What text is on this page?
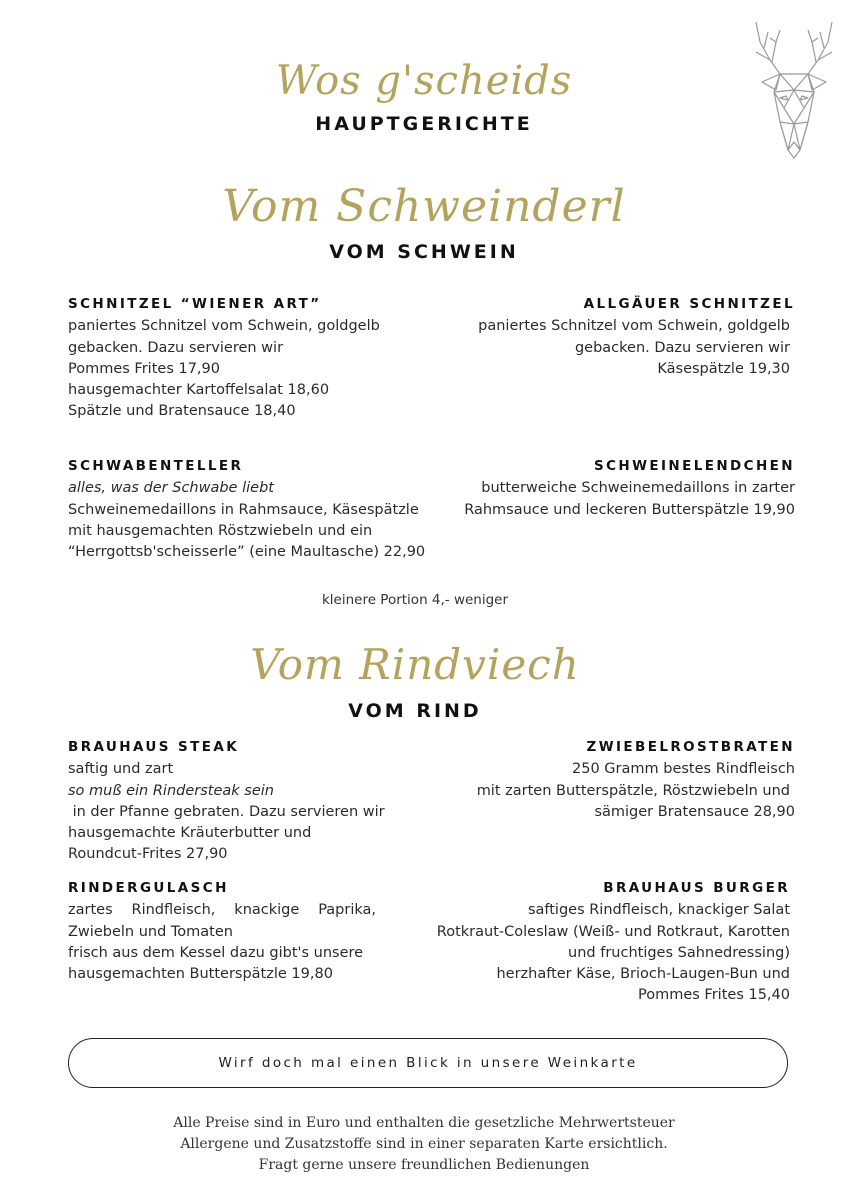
Wos g'scheids
HAUPTGERICHTE
Vom Schweinderl
VOM SCHWEIN
SCHNITZEL “WIENER ART”
paniertes Schnitzel vom Schwein, goldgelb
gebacken. Dazu servieren wir
Pommes Frites 17,90
hausgemachter Kartoffelsalat 18,60
Spätzle und Bratensauce 18,40
ALLGÄUER SCHNITZEL
paniertes Schnitzel vom Schwein, goldgelb
gebacken. Dazu servieren wir
Käsespätzle 19,30
SCHWABENTELLER
alles, was der Schwabe liebt
Schweinemedaillons in Rahmsauce, Käsespätzle
mit hausgemachten Röstzwiebeln und ein
“Herrgottsb'scheisserle” (eine Maultasche) 22,90
SCHWEINELENDCHEN
butterweiche Schweinemedaillons in zarter
Rahmsauce und leckeren Butterspätzle 19,90
kleinere Portion 4,- weniger
Vom Rindviech
VOM RIND
BRAUHAUS STEAK
saftig und zart
so muß ein Rindersteak sein
in der Pfanne gebraten. Dazu servieren wir
hausgemachte Kräuterbutter und
Roundcut-Frites 27,90
ZWIEBELROSTBRATEN
250 Gramm bestes Rindfleisch
mit zarten Butterspätzle, Röstzwiebeln und
sämiger Bratensauce 28,90
RINDERGULASCH
zartes Rindfleisch, knackige Paprika,
Zwiebeln und Tomaten
frisch aus dem Kessel dazu gibt's unsere
hausgemachten Butterspätzle 19,80
BRAUHAUS BURGER
saftiges Rindfleisch, knackiger Salat
Rotkraut-Coleslaw (Weiß- und Rotkraut, Karotten
und fruchtiges Sahnedressing)
herzhafter Käse, Brioch-Laugen-Bun und
Pommes Frites 15,40
Wirf doch mal einen Blick in unsere Weinkarte
Alle Preise sind in Euro und enthalten die gesetzliche Mehrwertsteuer
Allergene und Zusatzstoffe sind in einer separaten Karte ersichtlich.
Fragt gerne unsere freundlichen Bedienungen
